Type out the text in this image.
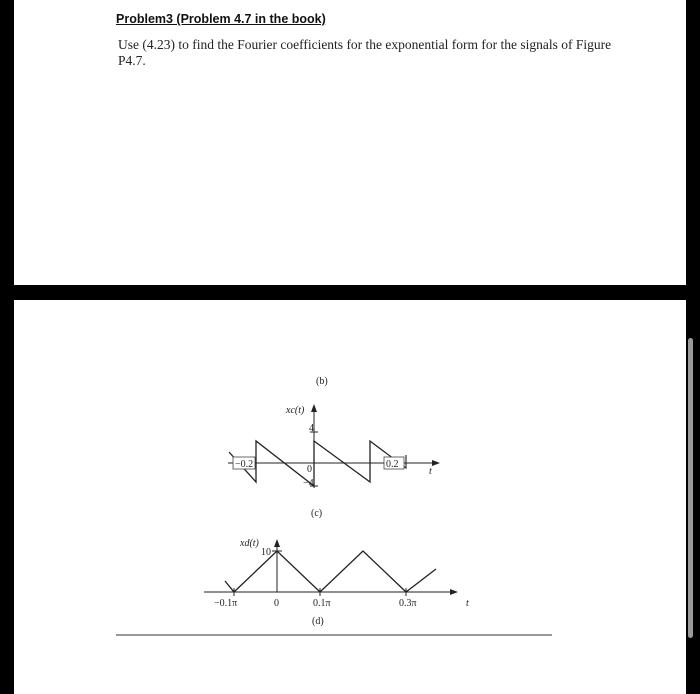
Problem3 (Problem 4.7 in the book)
Use (4.23) to find the Fourier coefficients for the exponential form for the signals of Figure P4.7.
(b)
xc(t)
4
0
−4
−0.2	0.2
t
(c)
xd(t)
10
−0.1π	0	0.1π	0.3π	t
(d)
